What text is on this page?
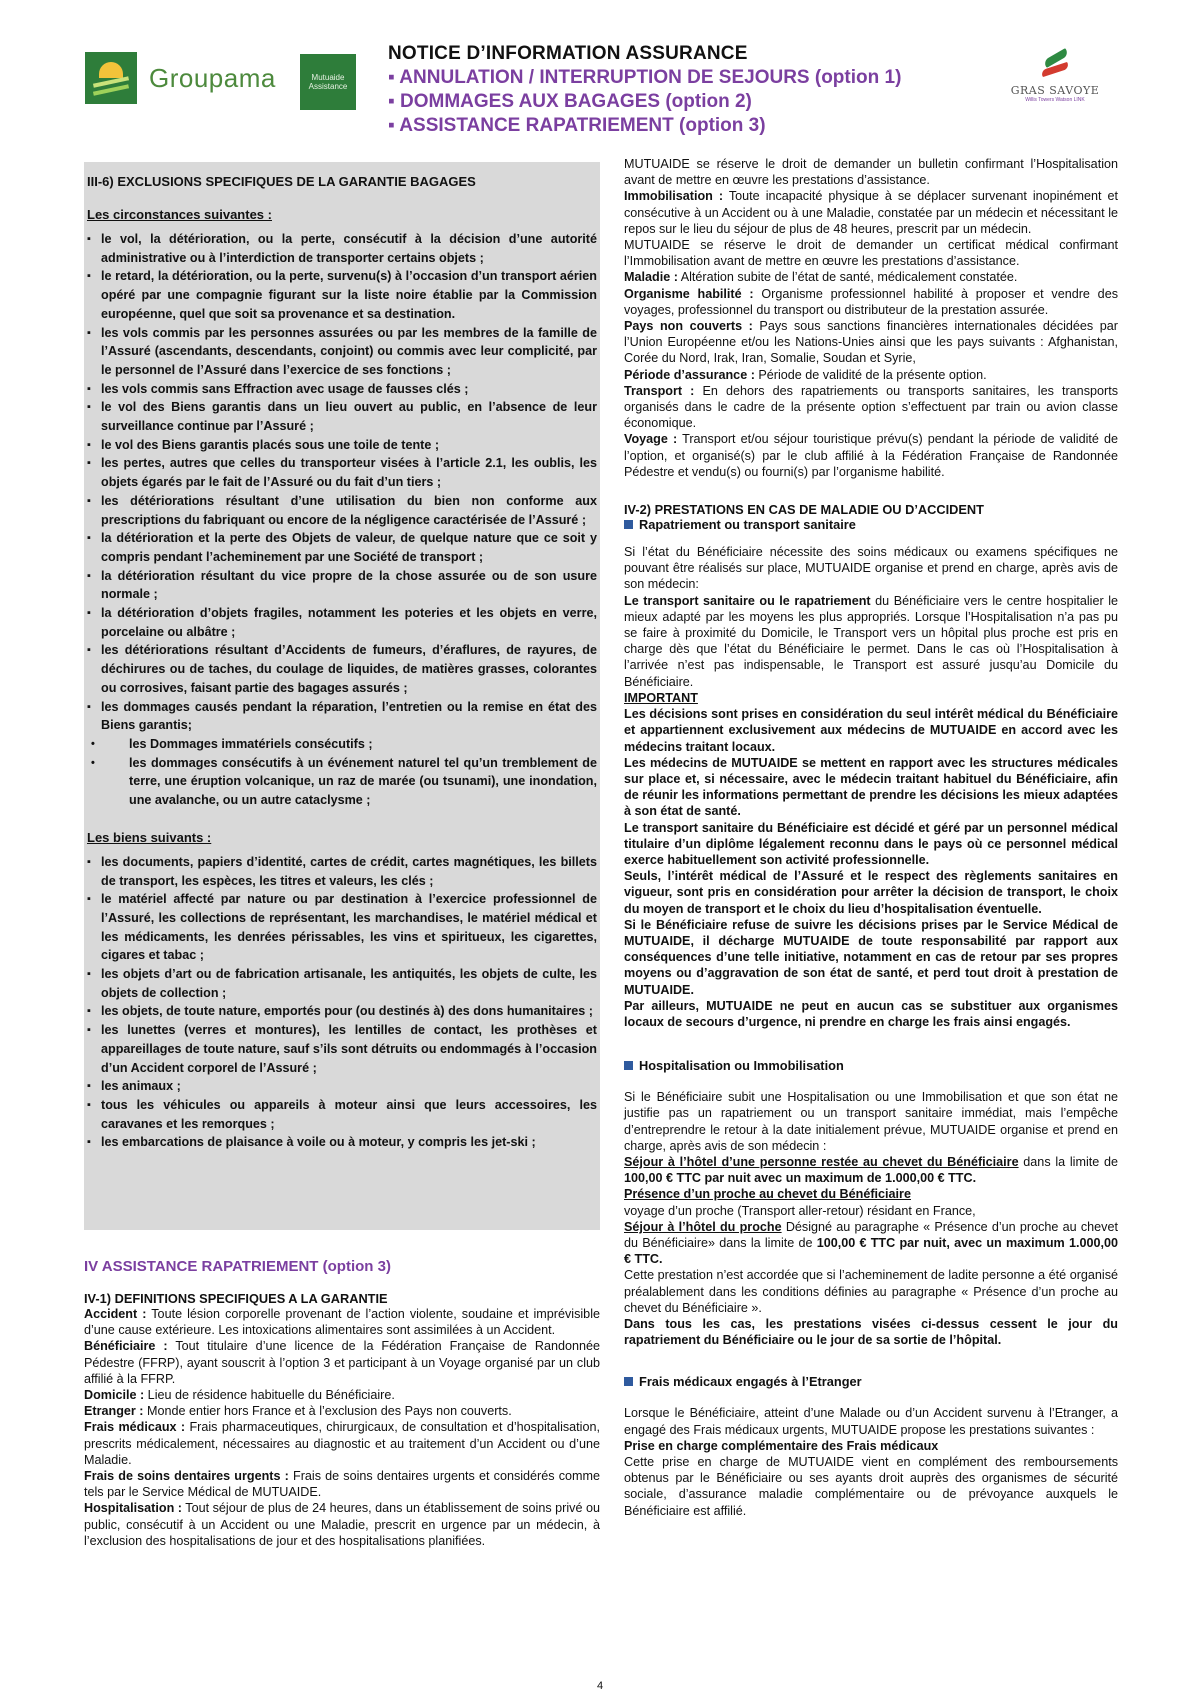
Groupama	Mutuaide Assistance
NOTICE D’INFORMATION ASSURANCE
▪ ANNULATION / INTERRUPTION DE SEJOURS (option 1)
▪ DOMMAGES AUX BAGAGES (option 2)
▪ ASSISTANCE RAPATRIEMENT (option 3)
GRAS SAVOYE
Willis Towers Watson LINK
III-6) EXCLUSIONS SPECIFIQUES DE LA GARANTIE BAGAGES
Les circonstances suivantes :
▪ le vol, la détérioration, ou la perte, consécutif à la décision d’une autorité administrative ou à l’interdiction de transporter certains objets ;
▪ le retard, la détérioration, ou la perte, survenu(s) à l’occasion d’un transport aérien opéré par une compagnie figurant sur la liste noire établie par la Commission européenne, quel que soit sa provenance et sa destination.
▪ les vols commis par les personnes assurées ou par les membres de la famille de l’Assuré (ascendants, descendants, conjoint) ou commis avec leur complicité, par le personnel de l’Assuré dans l’exercice de ses fonctions ;
▪ les vols commis sans Effraction avec usage de fausses clés ;
▪ le vol des Biens garantis dans un lieu ouvert au public, en l’absence de leur surveillance continue par l’Assuré ;
▪ le vol des Biens garantis placés sous une toile de tente ;
▪ les pertes, autres que celles du transporteur visées à l’article 2.1, les oublis, les objets égarés par le fait de l’Assuré ou du fait d’un tiers ;
▪ les détériorations résultant d’une utilisation du bien non conforme aux prescriptions du fabriquant ou encore de la négligence caractérisée de l’Assuré ;
▪ la détérioration et la perte des Objets de valeur, de quelque nature que ce soit y compris pendant l’acheminement par une Société de transport ;
▪ la détérioration résultant du vice propre de la chose assurée ou de son usure normale ;
▪ la détérioration d’objets fragiles, notamment les poteries et les objets en verre, porcelaine ou albâtre ;
▪ les détériorations résultant d’Accidents de fumeurs, d’éraflures, de rayures, de déchirures ou de taches, du coulage de liquides, de matières grasses, colorantes ou corrosives, faisant partie des bagages assurés ;
▪ les dommages causés pendant la réparation, l’entretien ou la remise en état des Biens garantis;
• les Dommages immatériels consécutifs ;
• les dommages consécutifs à un événement naturel tel qu’un tremblement de terre, une éruption volcanique, un raz de marée (ou tsunami), une inondation, une avalanche, ou un autre cataclysme ;
Les biens suivants :
▪ les documents, papiers d’identité, cartes de crédit, cartes magnétiques, les billets de transport, les espèces, les titres et valeurs, les clés ;
▪ le matériel affecté par nature ou par destination à l’exercice professionnel de l’Assuré, les collections de représentant, les marchandises, le matériel médical et les médicaments, les denrées périssables, les vins et spiritueux, les cigarettes, cigares et tabac ;
▪ les objets d’art ou de fabrication artisanale, les antiquités, les objets de culte, les objets de collection ;
▪ les objets, de toute nature, emportés pour (ou destinés à) des dons humanitaires ;
▪ les lunettes (verres et montures), les lentilles de contact, les prothèses et appareillages de toute nature, sauf s’ils sont détruits ou endommagés à l’occasion d’un Accident corporel de l’Assuré ;
▪ les animaux ;
▪ tous les véhicules ou appareils à moteur ainsi que leurs accessoires, les caravanes et les remorques ;
▪ les embarcations de plaisance à voile ou à moteur, y compris les jet-ski ;
IV ASSISTANCE RAPATRIEMENT (option 3)
IV-1) DEFINITIONS SPECIFIQUES A LA GARANTIE

Accident : Toute lésion corporelle provenant de l’action violente, soudaine et imprévisible d’une cause extérieure. Les intoxications alimentaires sont assimilées à un Accident.

Bénéficiaire : Tout titulaire d’une licence de la Fédération Française de Randonnée Pédestre (FFRP), ayant souscrit à l’option 3 et participant à un Voyage organisé par un club affilié à la FFRP.

Domicile : Lieu de résidence habituelle du Bénéficiaire.

Etranger : Monde entier hors France et à l’exclusion des Pays non couverts.

Frais médicaux : Frais pharmaceutiques, chirurgicaux, de consultation et d’hospitalisation, prescrits médicalement, nécessaires au diagnostic et au traitement d’un Accident ou d’une Maladie.

Frais de soins dentaires urgents : Frais de soins dentaires urgents et considérés comme tels par le Service Médical de MUTUAIDE.

Hospitalisation : Tout séjour de plus de 24 heures, dans un établissement de soins privé ou public, consécutif à un Accident ou une Maladie, prescrit en urgence par un médecin, à l’exclusion des hospitalisations de jour et des hospitalisations planifiées.

MUTUAIDE se réserve le droit de demander un bulletin confirmant l’Hospitalisation avant de mettre en œuvre les prestations d’assistance.

Immobilisation : Toute incapacité physique à se déplacer survenant inopinément et consécutive à un Accident ou à une Maladie, constatée par un médecin et nécessitant le repos sur le lieu du séjour de plus de 48 heures, prescrit par un médecin.

MUTUAIDE se réserve le droit de demander un certificat médical confirmant l’Immobilisation avant de mettre en œuvre les prestations d’assistance.

Maladie : Altération subite de l’état de santé, médicalement constatée.

Organisme habilité : Organisme professionnel habilité à proposer et vendre des voyages, professionnel du transport ou distributeur de la prestation assurée.

Pays non couverts : Pays sous sanctions financières internationales décidées par l’Union Européenne et/ou les Nations-Unies ainsi que les pays suivants : Afghanistan, Corée du Nord, Irak, Iran, Somalie, Soudan et Syrie,

Période d’assurance : Période de validité de la présente option.

Transport : En dehors des rapatriements ou transports sanitaires, les transports organisés dans le cadre de la présente option s’effectuent par train ou avion classe économique.

Voyage : Transport et/ou séjour touristique prévu(s) pendant la période de validité de l’option, et organisé(s) par le club affilié à la Fédération Française de Randonnée Pédestre et vendu(s) ou fourni(s) par l’organisme habilité.

IV-2) PRESTATIONS EN CAS DE MALADIE OU D’ACCIDENT
Rapatriement ou transport sanitaire

Si l’état du Bénéficiaire nécessite des soins médicaux ou examens spécifiques ne pouvant être réalisés sur place, MUTUAIDE organise et prend en charge, après avis de son médecin:

Le transport sanitaire ou le rapatriement du Bénéficiaire vers le centre hospitalier le mieux adapté par les moyens les plus appropriés. Lorsque l’Hospitalisation n’a pas pu se faire à proximité du Domicile, le Transport vers un hôpital plus proche est pris en charge dès que l’état du Bénéficiaire le permet. Dans le cas où l’Hospitalisation à l’arrivée n’est pas indispensable, le Transport est assuré jusqu’au Domicile du Bénéficiaire.

IMPORTANT

Les décisions sont prises en considération du seul intérêt médical du Bénéficiaire et appartiennent exclusivement aux médecins de MUTUAIDE en accord avec les médecins traitant locaux.

Les médecins de MUTUAIDE se mettent en rapport avec les structures médicales sur place et, si nécessaire, avec le médecin traitant habituel du Bénéficiaire, afin de réunir les informations permettant de prendre les décisions les mieux adaptées à son état de santé.

Le transport sanitaire du Bénéficiaire est décidé et géré par un personnel médical titulaire d’un diplôme légalement reconnu dans le pays où ce personnel médical exerce habituellement son activité professionnelle.

Seuls, l’intérêt médical de l’Assuré et le respect des règlements sanitaires en vigueur, sont pris en considération pour arrêter la décision de transport, le choix du moyen de transport et le choix du lieu d’hospitalisation éventuelle.

Si le Bénéficiaire refuse de suivre les décisions prises par le Service Médical de MUTUAIDE, il décharge MUTUAIDE de toute responsabilité par rapport aux conséquences d’une telle initiative, notamment en cas de retour par ses propres moyens ou d’aggravation de son état de santé, et perd tout droit à prestation de MUTUAIDE.

Par ailleurs, MUTUAIDE ne peut en aucun cas se substituer aux organismes locaux de secours d’urgence, ni prendre en charge les frais ainsi engagés.

Hospitalisation ou Immobilisation

Si le Bénéficiaire subit une Hospitalisation ou une Immobilisation et que son état ne justifie pas un rapatriement ou un transport sanitaire immédiat, mais l’empêche d’entreprendre le retour à la date initialement prévue, MUTUAIDE organise et prend en charge, après avis de son médecin :

Séjour à l’hôtel d’une personne restée au chevet du Bénéficiaire dans la limite de 100,00 € TTC par nuit avec un maximum de 1.000,00 € TTC.

Présence d’un proche au chevet du Bénéficiaire

voyage d’un proche (Transport aller-retour) résidant en France,

Séjour à l’hôtel du proche Désigné au paragraphe « Présence d’un proche au chevet du Bénéficiaire» dans la limite de 100,00 € TTC par nuit, avec un maximum 1.000,00 € TTC.

Cette prestation n’est accordée que si l’acheminement de ladite personne a été organisé préalablement dans les conditions définies au paragraphe « Présence d’un proche au chevet du Bénéficiaire ».

Dans tous les cas, les prestations visées ci-dessus cessent le jour du rapatriement du Bénéficiaire ou le jour de sa sortie de l’hôpital.

Frais médicaux engagés à l’Etranger

Lorsque le Bénéficiaire, atteint d’une Malade ou d’un Accident survenu à l’Etranger, a engagé des Frais médicaux urgents, MUTUAIDE propose les prestations suivantes :

Prise en charge complémentaire des Frais médicaux

Cette prise en charge de MUTUAIDE vient en complément des remboursements obtenus par le Bénéficiaire ou ses ayants droit auprès des organismes de sécurité sociale, d’assurance maladie complémentaire ou de prévoyance auxquels le Bénéficiaire est affilié.

4
